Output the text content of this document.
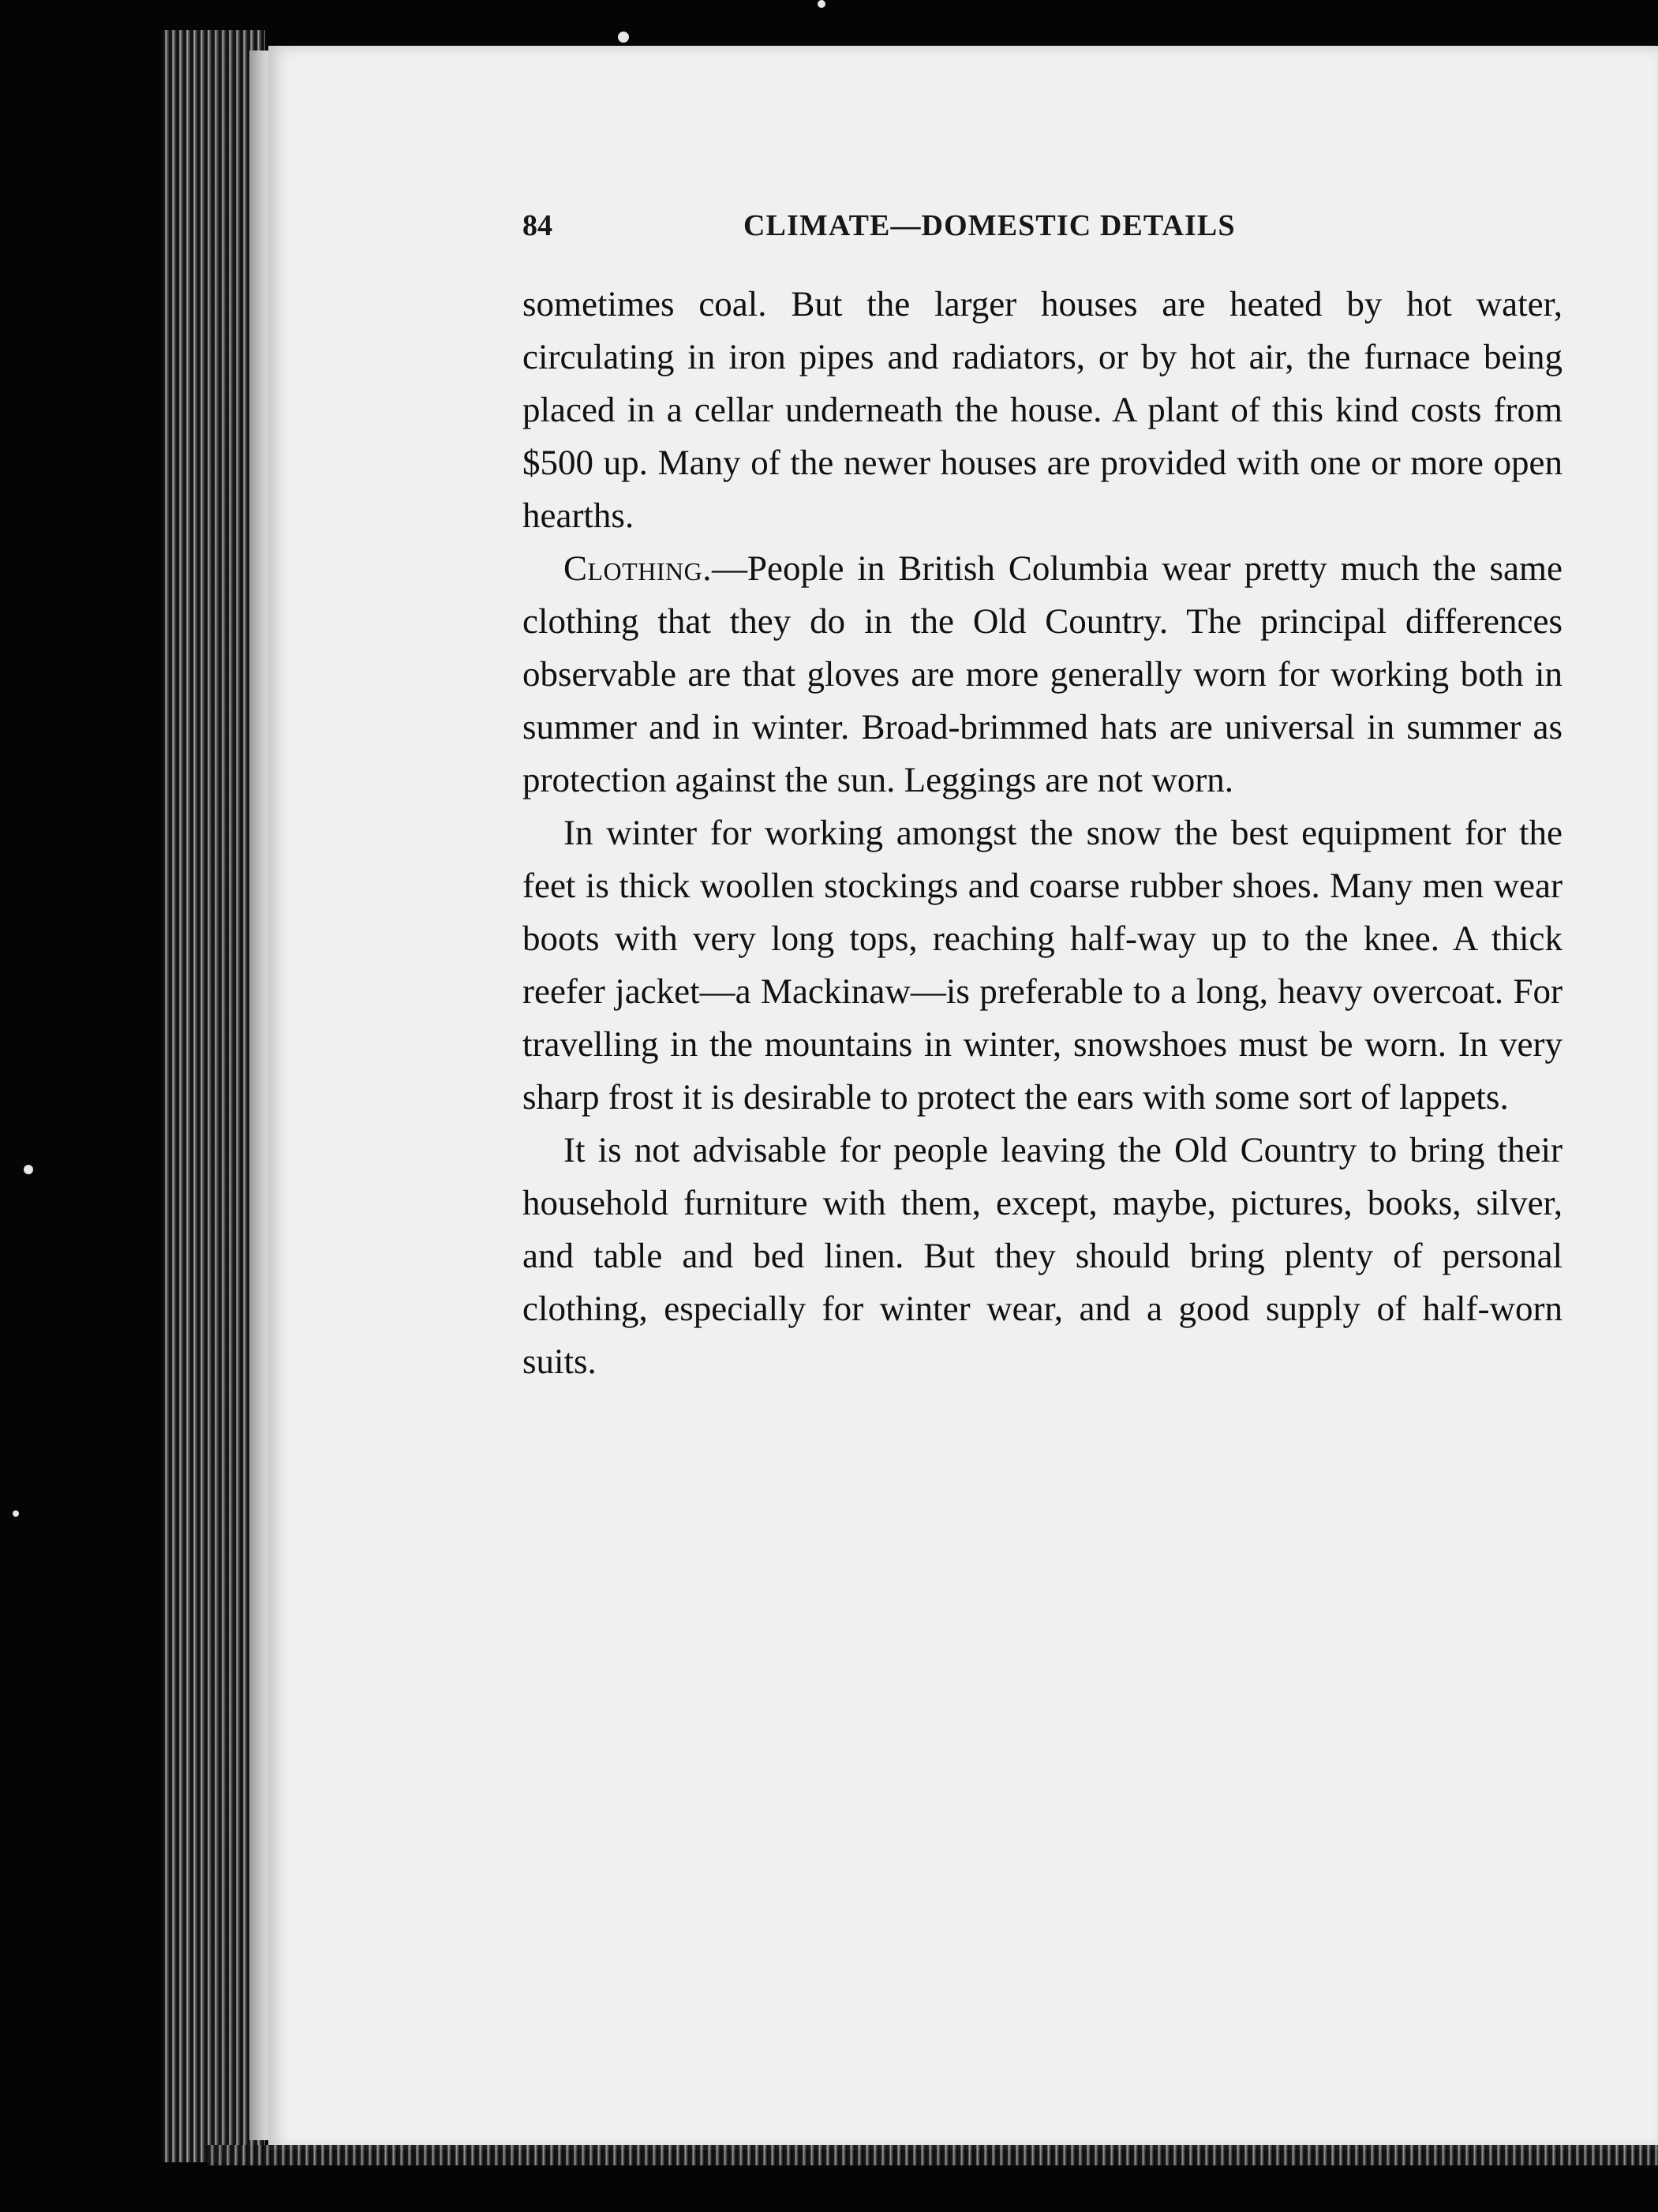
84	CLIMATE—DOMESTIC DETAILS

sometimes coal. But the larger houses are heated by hot water, circulating in iron pipes and radiators, or by hot air, the furnace being placed in a cellar underneath the house. A plant of this kind costs from $500 up. Many of the newer houses are provided with one or more open hearths.

Clothing.—People in British Columbia wear pretty much the same clothing that they do in the Old Country. The principal differences observable are that gloves are more generally worn for working both in summer and in winter. Broad-brimmed hats are universal in summer as protection against the sun. Leggings are not worn.

In winter for working amongst the snow the best equipment for the feet is thick woollen stockings and coarse rubber shoes. Many men wear boots with very long tops, reaching half-way up to the knee. A thick reefer jacket—a Mackinaw—is preferable to a long, heavy overcoat. For travelling in the mountains in winter, snowshoes must be worn. In very sharp frost it is desirable to protect the ears with some sort of lappets.

It is not advisable for people leaving the Old Country to bring their household furniture with them, except, maybe, pictures, books, silver, and table and bed linen. But they should bring plenty of personal clothing, especially for winter wear, and a good supply of half-worn suits.
